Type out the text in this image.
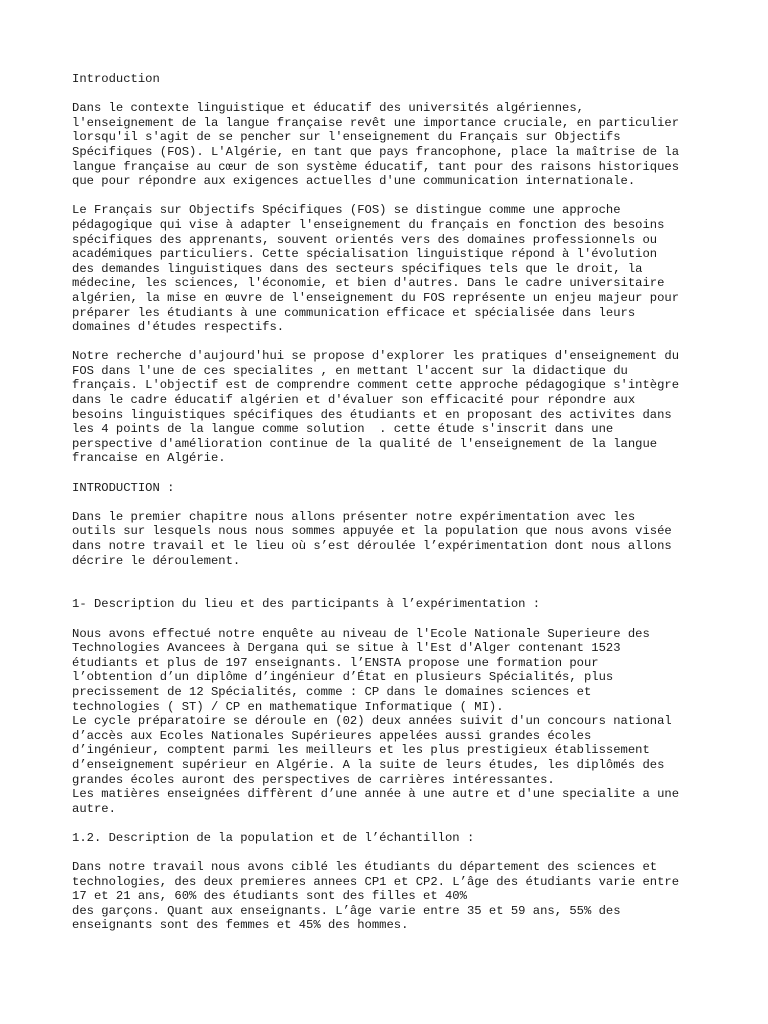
Introduction
Dans le contexte linguistique et éducatif des universités algériennes,
l'enseignement de la langue française revêt une importance cruciale, en particulier
lorsqu'il s'agit de se pencher sur l'enseignement du Français sur Objectifs
Spécifiques (FOS). L'Algérie, en tant que pays francophone, place la maîtrise de la
langue française au cœur de son système éducatif, tant pour des raisons historiques
que pour répondre aux exigences actuelles d'une communication internationale.
Le Français sur Objectifs Spécifiques (FOS) se distingue comme une approche
pédagogique qui vise à adapter l'enseignement du français en fonction des besoins
spécifiques des apprenants, souvent orientés vers des domaines professionnels ou
académiques particuliers. Cette spécialisation linguistique répond à l'évolution
des demandes linguistiques dans des secteurs spécifiques tels que le droit, la
médecine, les sciences, l'économie, et bien d'autres. Dans le cadre universitaire
algérien, la mise en œuvre de l'enseignement du FOS représente un enjeu majeur pour
préparer les étudiants à une communication efficace et spécialisée dans leurs
domaines d'études respectifs.
Notre recherche d'aujourd'hui se propose d'explorer les pratiques d'enseignement du
FOS dans l'une de ces specialites , en mettant l'accent sur la didactique du
français. L'objectif est de comprendre comment cette approche pédagogique s'intègre
dans le cadre éducatif algérien et d'évaluer son efficacité pour répondre aux
besoins linguistiques spécifiques des étudiants et en proposant des activites dans
les 4 points de la langue comme solution  . cette étude s'inscrit dans une
perspective d'amélioration continue de la qualité de l'enseignement de la langue
francaise en Algérie.
INTRODUCTION :
Dans le premier chapitre nous allons présenter notre expérimentation avec les
outils sur lesquels nous nous sommes appuyée et la population que nous avons visée
dans notre travail et le lieu où s’est déroulée l’expérimentation dont nous allons
décrire le déroulement.
1- Description du lieu et des participants à l’expérimentation :
Nous avons effectué notre enquête au niveau de l'Ecole Nationale Superieure des
Technologies Avancees à Dergana qui se situe à l'Est d'Alger contenant 1523
étudiants et plus de 197 enseignants. l’ENSTA propose une formation pour
l’obtention d’un diplôme d’ingénieur d’État en plusieurs Spécialités, plus
precissement de 12 Spécialités, comme : CP dans le domaines sciences et
technologies ( ST) / CP en mathematique Informatique ( MI).
Le cycle préparatoire se déroule en (02) deux années suivit d'un concours national
d’accès aux Ecoles Nationales Supérieures appelées aussi grandes écoles
d’ingénieur, comptent parmi les meilleurs et les plus prestigieux établissement
d’enseignement supérieur en Algérie. A la suite de leurs études, les diplômés des
grandes écoles auront des perspectives de carrières intéressantes.
Les matières enseignées diffèrent d’une année à une autre et d'une specialite a une
autre.
1.2. Description de la population et de l’échantillon :
Dans notre travail nous avons ciblé les étudiants du département des sciences et
technologies, des deux premieres annees CP1 et CP2. L’âge des étudiants varie entre
17 et 21 ans, 60% des étudiants sont des filles et 40%
des garçons. Quant aux enseignants. L’âge varie entre 35 et 59 ans, 55% des
enseignants sont des femmes et 45% des hommes.
